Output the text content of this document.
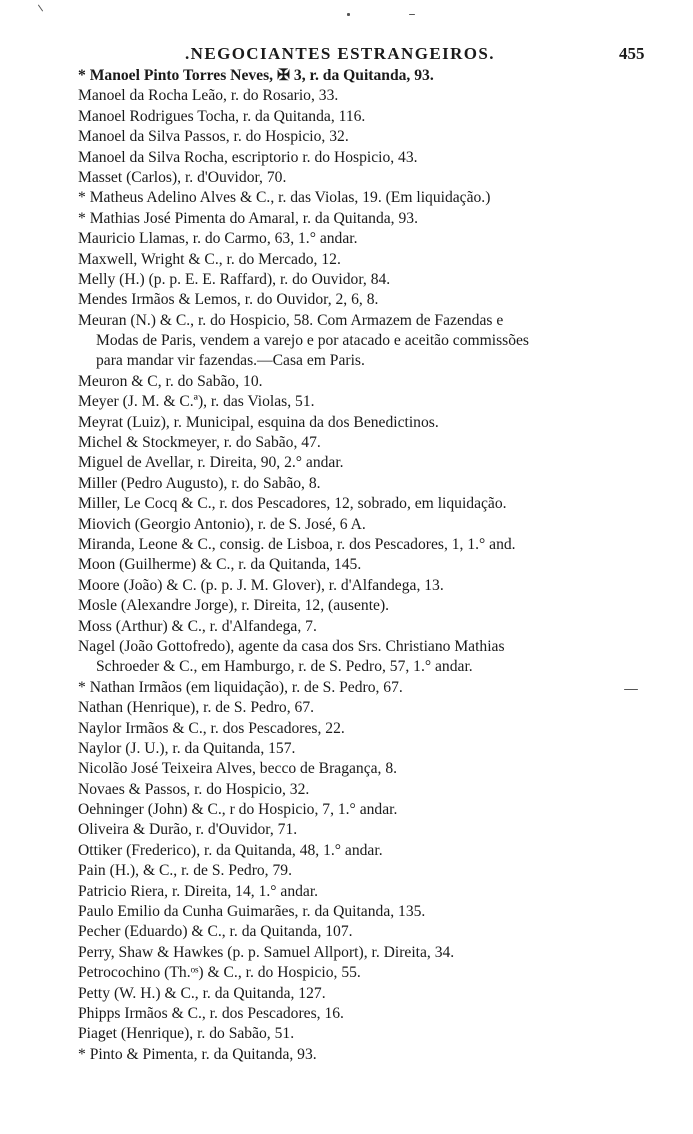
.NEGOCIANTES ESTRANGEIROS.	455
* Manoel Pinto Torres Neves, ✠ 3, r. da Quitanda, 93.
Manoel da Rocha Leão, r. do Rosario, 33.
Manoel Rodrigues Tocha, r. da Quitanda, 116.
Manoel da Silva Passos, r. do Hospicio, 32.
Manoel da Silva Rocha, escriptorio r. do Hospicio, 43.
Masset (Carlos), r. d'Ouvidor, 70.
* Matheus Adelino Alves & C., r. das Violas, 19. (Em liquidação.)
* Mathias José Pimenta do Amaral, r. da Quitanda, 93.
Mauricio Llamas, r. do Carmo, 63, 1.° andar.
Maxwell, Wright & C., r. do Mercado, 12.
Melly (H.) (p. p. E. E. Raffard), r. do Ouvidor, 84.
Mendes Irmãos & Lemos, r. do Ouvidor, 2, 6, 8.
Meuran (N.) & C., r. do Hospicio, 58. Com Armazem de Fazendas e
Modas de Paris, vendem a varejo e por atacado e aceitão commissões
para mandar vir fazendas.—Casa em Paris.
Meuron & C, r. do Sabão, 10.
Meyer (J. M. & C.ª), r. das Violas, 51.
Meyrat (Luiz), r. Municipal, esquina da dos Benedictinos.
Michel & Stockmeyer, r. do Sabão, 47.
Miguel de Avellar, r. Direita, 90, 2.° andar.
Miller (Pedro Augusto), r. do Sabão, 8.
Miller, Le Cocq & C., r. dos Pescadores, 12, sobrado, em liquidação.
Miovich (Georgio Antonio), r. de S. José, 6 A.
Miranda, Leone & C., consig. de Lisboa, r. dos Pescadores, 1, 1.° and.
Moon (Guilherme) & C., r. da Quitanda, 145.
Moore (João) & C. (p. p. J. M. Glover), r. d'Alfandega, 13.
Mosle (Alexandre Jorge), r. Direita, 12, (ausente).
Moss (Arthur) & C., r. d'Alfandega, 7.
Nagel (João Gottofredo), agente da casa dos Srs. Christiano Mathias
Schroeder & C., em Hamburgo, r. de S. Pedro, 57, 1.° andar.
* Nathan Irmãos (em liquidação), r. de S. Pedro, 67.
Nathan (Henrique), r. de S. Pedro, 67.
Naylor Irmãos & C., r. dos Pescadores, 22.
Naylor (J. U.), r. da Quitanda, 157.
Nicolão José Teixeira Alves, becco de Bragança, 8.
Novaes & Passos, r. do Hospicio, 32.
Oehninger (John) & C., r do Hospicio, 7, 1.° andar.
Oliveira & Durão, r. d'Ouvidor, 71.
Ottiker (Frederico), r. da Quitanda, 48, 1.° andar.
Pain (H.), & C., r. de S. Pedro, 79.
Patricio Riera, r. Direita, 14, 1.° andar.
Paulo Emilio da Cunha Guimarães, r. da Quitanda, 135.
Pecher (Eduardo) & C., r. da Quitanda, 107.
Perry, Shaw & Hawkes (p. p. Samuel Allport), r. Direita, 34.
Petrocochino (Th.ᵒˢ) & C., r. do Hospicio, 55.
Petty (W. H.) & C., r. da Quitanda, 127.
Phipps Irmãos & C., r. dos Pescadores, 16.
Piaget (Henrique), r. do Sabão, 51.
* Pinto & Pimenta, r. da Quitanda, 93.
